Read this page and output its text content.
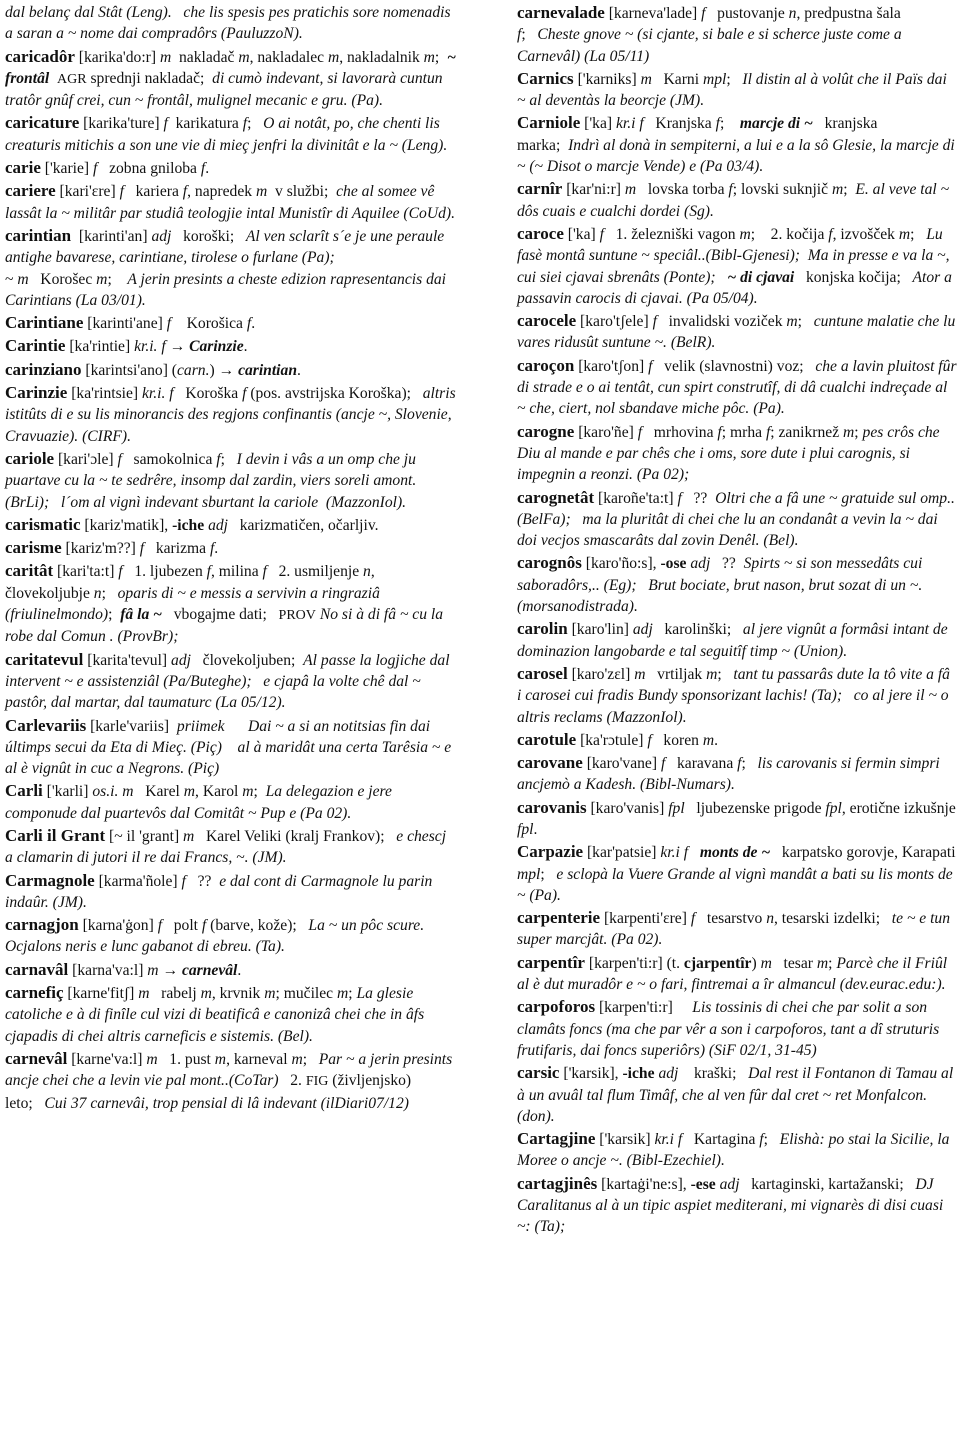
dal belanç dal Stât (Leng).   che lis spesis pes pratichis sore nomenadis a saran a ~ nome dai compradôrs (PauluzzoN).

caricadôr [karika'do:r] m  nakladač m, nakladalec m, nakladalnik m;  ~ frontâl AGR sprednji nakladač;  di cumò indevant, si lavorarà cuntun tratôr gnûf crei, cun ~ frontâl, mulignel mecanic e gru. (Pa).

caricature [karika'ture] f  karikatura f;   O ai notât, po, che chenti lis creaturis mitichis a son une vie di mieç jenfri la divinitât e la ~ (Leng).

carie ['karie] f   zobna gniloba f.

cariere [kari'ɛre] f   kariera f, napredek m  v službi;  che al somee vê lassât la ~ militâr par studiâ teologjie intal Munistîr di Aquilee (CoUd).

carintian  [karinti'an] adj   koroški;   Al ven sclarît s´e je une peraule antighe bavarese, carintiane, tirolese o furlane (Pa);
~ m   Korošec m;    A jerin presints a cheste edizion rapresentancis dai Carintians (La 03/01).

Carintiane [karinti'ane] f    Korošica f.

Carintie [ka'rintie] kr.i. f → Carinzie.

carinziano [karintsi'ano] (carn.) → carintian.

Carinzie [ka'rintsie] kr.i. f   Koroška f (pos. avstrijska Koroška);   altris istitûts di e su lis minorancis des regjons confinantis (ancje ~, Slovenie, Cravuazie). (CIRF).

cariole [kari'ɔle] f   samokolnica f;   I devin i vâs a un omp che ju puartave cu la ~ te sedrêre, insomp dal zardin, viers soreli amont. (BrLi);   l´om al vignì indevant sburtant la cariole  (MazzonIol).

carismatic [kariz'matik], -iche adj   karizmatičen, očarljiv.

carisme [kariz'm??] f   karizma f.

caritât [kari'ta:t] f   1. ljubezen f, milina f   2. usmiljenje n, človekoljubje n;   oparis di ~ e messis a servivin a ringraziâ (friulinelmondo);  fâ la ~   vbogajme dati;   PROV No si à di fâ ~ cu la robe dal Comun . (ProvBr);

caritatevul [karita'tevul] adj   človekoljuben;  Al passe la logjiche dal intervent ~ e assistenziâl (Pa/Buteghe);   e cjapâ la volte chê dal ~ pastôr, dal martar, dal taumaturc (La 05/12).

Carlevariis [karle'variis]  priimek Dai ~ a si an notitsias fin dai últimps secui da Eta di Mieç. (Piç)    al à maridât una certa Tarêsia ~ e al è vignût in cuc a Negrons. (Piç)

Carli ['karli] os.i. m   Karel m, Karol m;  La delegazion e jere componude dal puartevôs dal Comitât ~ Pup e (Pa 02).

Carli il Grant [~ il 'grant] m   Karel Veliki (kralj Frankov);   e chescj a clamarin di jutori il re dai Francs, ~. (JM).

Carmagnole [karma'ñole] f   ??  e dal cont di Carmagnole lu parin indaûr. (JM).

carnagjon [karna'ġon] f   polt f (barve, kože);   La ~ un pôc scure. Ocjalons neris e lunc gabanot di ebreu. (Ta).

carnavâl [karna'va:l] m → carnevâl.

carnefiç [karne'fitʃ] m   rabelj m, krvnik m; mučilec m; La glesie catoliche e à di finîle cul vizi di beatificâ e canonizâ chei che in âfs cjapadis di chei altris carneficis e sistemis. (Bel).

carnevâl [karne'va:l] m   1. pust m, karneval m;   Par ~ a jerin presints ancje chei che a levin vie pal mont..(CoTar)   2. FIG (življenjsko) leto;   Cui 37 carnevâi, trop pensial di lâ indevant (ilDiari07/12)

carnevalade [karneva'lade] f   pustovanje n, predpustna šala f;   Cheste gnove ~ (si cjante, si bale e si scherce juste come a Carnevâl) (La 05/11)

Carnics ['karniks] m   Karni mpl;   Il distin al à volût che il Païs dai ~ al deventàs la beorcje (JM).

Carniole ['ka] kr.i f   Kranjska f;    marcje di ~   kranjska marka;  Indrì al donà in sempiterni, a lui e a la sô Glesie, la marcje di ~ (~ Disot o marcje Vende) e (Pa 03/4).

carnîr [kar'ni:r] m   lovska torba f; lovski suknjič m;  E. al veve tal ~ dôs cuais e cualchi dordei (Sg).

caroce ['ka] f   1. železniški vagon m;    2. kočija f, izvošček m;   Lu fasè montâ suntune ~ speciâl..(Bibl-Gjenesi);  Ma in presse e va la ~, cui siei cjavai sbrenâts (Ponte); ~ di cjavai   konjska kočija;   Ator a passavin carocis di cjavai. (Pa 05/04).

carocele [karo'tʃele] f   invalidski voziček m;   cuntune malatie che lu vares ridusût suntune ~. (BelR).

caroçon [karo'tʃon] f   velik (slavnostni) voz;   che a lavin pluitost fûr di strade e o ai tentât, cun spirt construtîf, di dâ cualchi indreçade al ~ che, ciert, nol sbandave miche pôc. (Pa).

carogne [karo'ñe] f   mrhovina f; mrha f; zanikrnež m; pes crôs che Diu al mande e par chês che i oms, sore dute i plui carognis, si impegnin a reonzi. (Pa 02);

carognetât [karoñe'ta:t] f   ??  Oltri che a fâ une ~ gratuide sul omp.. (BelFa);   ma la pluritât di chei che lu an condanât a vevin la ~ dai doi vecjos smascarâts dal zovin Denêl. (Bel).

carognôs [karo'ño:s], -ose adj   ??  Spirts ~ si son messedâts cui saboradôrs,.. (Eg);   Brut bociate, brut nason, brut sozat di un ~. (morsanodistrada).

carolin [karo'lin] adj   karolinški;   al jere vignût a formâsi intant de dominazion langobarde e tal seguitîf timp ~ (Union).

carosel [karo'zɛl] m   vrtiljak m;   tant tu passarâs dute la tô vite a fâ i carosei cui fradis Bundy sponsorizant lachis! (Ta);   co al jere il ~ o altris reclams (MazzonIol).

carotule [ka'rɔtule] f   koren m.

carovane [karo'vane] f   karavana f;   lis carovanis si fermin simpri ancjemò a Kadesh. (Bibl-Numars).

carovanis [karo'vanis] fpl   ljubezenske prigode fpl, erotične izkušnje fpl.

Carpazie [kar'patsie] kr.i f monts de ~   karpatsko gorovje, Karapati mpl;   e sclopà la Vuere Grande al vignì mandât a bati su lis monts de ~ (Pa).

carpenterie [karpenti'ɛre] f   tesarstvo n, tesarski izdelki;   te ~ e tun super marcjât. (Pa 02).

carpentîr [karpen'ti:r] (t. cjarpentîr) m   tesar m; Parcè che il Friûl al è dut muradôr e ~ o fari, fintremai a îr almancul (dev.eurac.edu:).

carpoforos [karpen'ti:r]     Lis tossinis di chei che par solit a son clamâts foncs (ma che par vêr a son i carpoforos, tant a dî struturis frutifaris, dai foncs superiôrs) (SiF 02/1, 31-45)

carsic ['karsik], -iche adj    kraški;   Dal rest il Fontanon di Tamau al à un avuâl tal flum Timâf, che al ven fûr dal cret ~ ret Monfalcon. (don).

Cartagjine ['karsik] kr.i f   Kartagina f;   Elishà: po stai la Sicilie, la Moree o ancje ~. (Bibl-Ezechiel).

cartagjinês [kartaġi'ne:s], -ese adj   kartaginski, kartažanski;   DJ Caralitanus al à un tipic aspiet mediterani, mi vignarès di disi cuasi ~: (Ta);
